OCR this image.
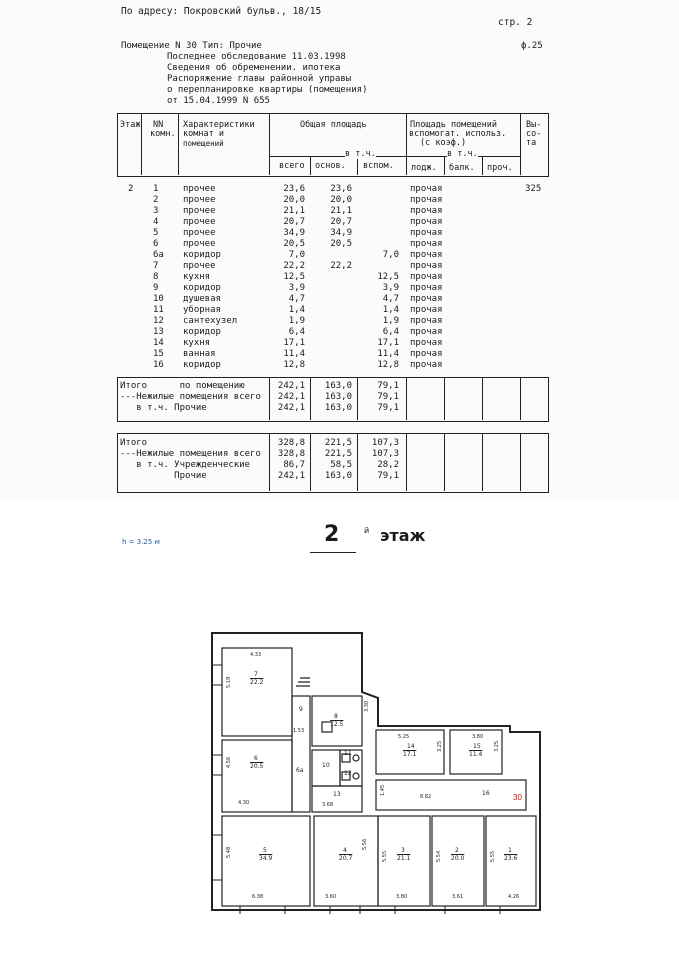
По адресу: Покровский бульв., 18/15
стр. 2
Помещение N 30 Тип: Прочие	ф.25
Последнее обследование 11.03.1998
Сведения об обременении. ипотека
Распоряжение главы районной управы
о перепланировке квартиры (помещения)
от 15.04.1999 N 655
Этаж NN
комн.
Характеристики
комнат и
помещений
Общая площадь
в т.ч.
всего основ. вспом.
Площадь помещений
вспомогат. использ.
(с коэф.)
в т.ч.
лодж. балк. проч.
Вы-
со-
та
2	325
1	прочее	23,6	23,6	прочая
2	прочее	20,0	20,0	прочая
3	прочее	21,1	21,1	прочая
4	прочее	20,7	20,7	прочая
5	прочее	34,9	34,9	прочая
6	прочее	20,5	20,5	прочая
6а коридор	7,0	7,0 прочая
7	прочее	22,2	22,2	прочая
8	кухня	12,5	12,5 прочая
9	коридор	3,9	3,9 прочая
10 душевая	4,7	4,7 прочая
11 уборная	1,4	1,4 прочая
12 сантехузел	1,9	1,9 прочая
13 коридор	6,4	6,4 прочая
14 кухня	17,1	17,1 прочая
15 ванная	11,4	11,4 прочая
16 коридор	12,8	12,8 прочая
Итого      по помещению	242,1	163,0	79,1
---Нежилые помещения всего	242,1	163,0	79,1
в т.ч. Прочие	242,1	163,0	79,1
Итого	328,8	221,5	107,3
---Нежилые помещения всего	328,8	221,5	107,3
в т.ч. Учрежденческие	86,7	58,5	28,2
Прочие	242,1	163,0	79,1
h = 3.25 м	2	й этаж
30
7
22.2
6
20.5
5
34.9
4
20.7
3
21.1
2
20.0
1
23.6
8
12.5
14
17.1
15
11.4
9
6а
10
11
12
13	16
4.33
5.19
4.56
4.30
5.48
6.38	3.60
5.56
5.55
3.80
5.54
3.61
5.55
4.26
1.53
3.30
5.25	3.80
3.25	3.25
3.68
1.45
8.82
